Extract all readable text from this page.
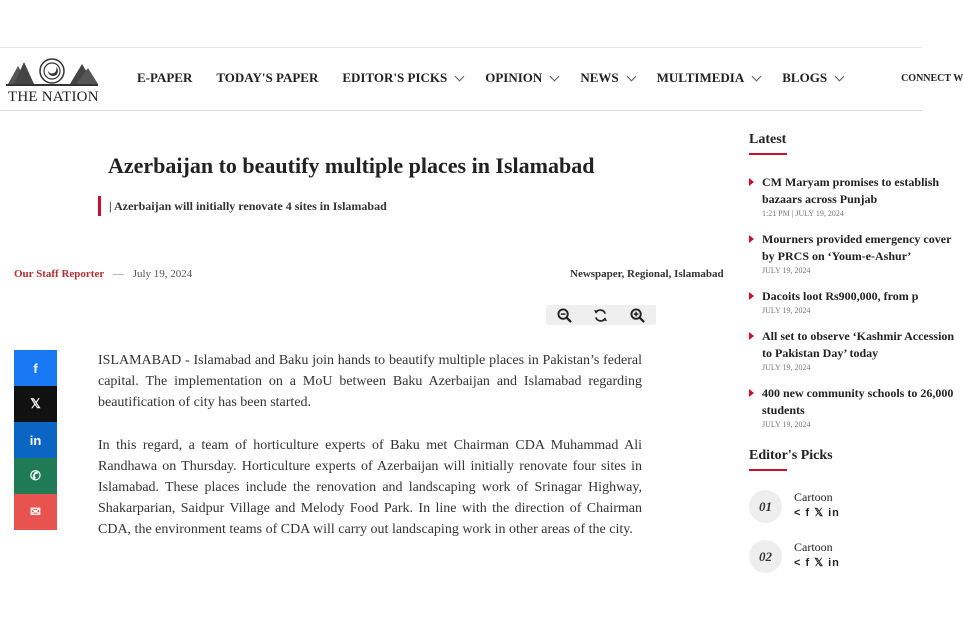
THE NATION
E-PAPER TODAY'S PAPER EDITOR'S PICKS	OPINION	NEWS	MULTIMEDIA	BLOGS	CONNECT W
Azerbaijan to beautify multiple places in Islamabad
| Azerbaijan will initially renovate 4 sites in Islamabad
Our Staff Reporter — July 19, 2024	Newspaper, Regional, Islamabad
f
𝕏
in
✆
✉

ISLAMABAD - Islamabad and Baku join hands to beautify multiple places in Pakistan’s federal capital. The implementation on a MoU between Baku Azerbaijan and Islamabad regarding beautification of city has been started.

In this regard, a team of horticulture experts of Baku met Chairman CDA Muhammad Ali Randhawa on Thursday. Horticulture experts of Azerbaijan will initially renovate four sites in Islamabad. These places include the renovation and landscaping work of Srinagar Highway, Shakarparian, Saidpur Village and Melody Food Park. In line with the direction of Chairman CDA, the environment teams of CDA will carry out landscaping work in other areas of the city.

Latest
CM Maryam promises to establish bazaars across Punjab
1:21 PM | JULY 19, 2024
Mourners provided emergency cover by PRCS on ‘Youm-e-Ashur’
JULY 19, 2024
Dacoits loot Rs900,000, from p
JULY 19, 2024
All set to observe ‘Kashmir Accession to Pakistan Day’ today
JULY 19, 2024
400 new community schools to 26,000 students
JULY 19, 2024
Editor's Picks
01
Cartoon
< f 𝕏 in
02
Cartoon
< f 𝕏 in
